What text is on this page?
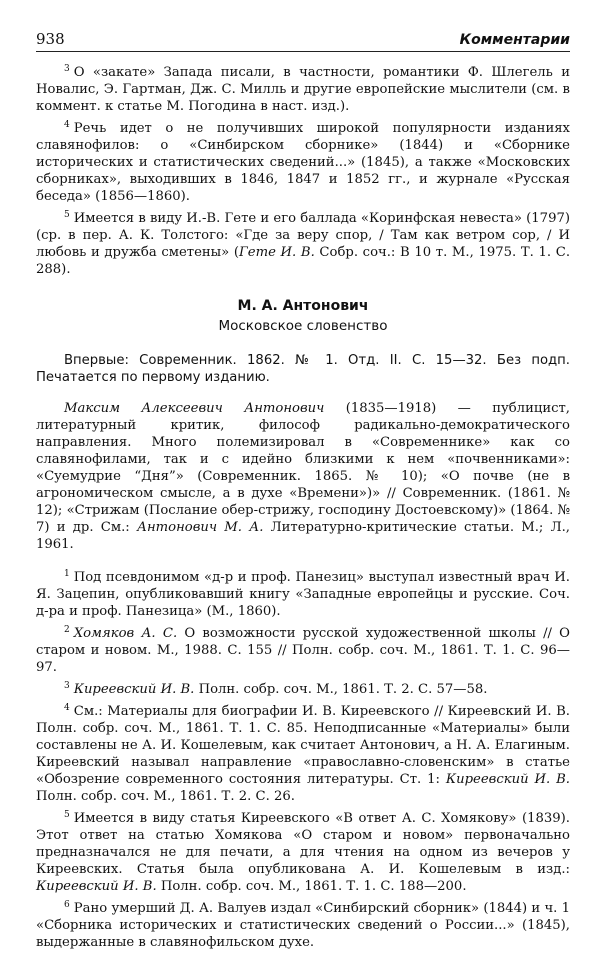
938	Комментарии

$^3$ О «закате» Запада писали, в частности, романтики Ф. Шлегель и Новалис, Э. Гартман, Дж. С. Милль и другие европейские мыслители (см. в коммент. к статье М. Погодина в наст. изд.).

$^4$ Речь идет о не получивших широкой популярности изданиях славянофилов: о «Синбирском сборнике» (1844) и «Сборнике исторических и статистических сведений...» (1845), а также «Московских сборниках», выходивших в 1846, 1847 и 1852 гг., и журнале «Русская беседа» (1856—1860).

$^5$ Имеется в виду И.-В. Гете и его баллада «Коринфская невеста» (1797) (ср. в пер. А. К. Толстого: «Где за веру спор, / Там как ветром сор, / И любовь и дружба сметены» (Гете И. В. Собр. соч.: В 10 т. М., 1975. Т. 1. С. 288).

М. А. Антонович
Московское словенство

Впервые: Современник. 1862. № 1. Отд. II. С. 15—32. Без подп. Печатается по первому изданию.

Максим Алексеевич Антонович (1835—1918) — публицист, литературный критик, философ радикально-демократического направления. Много полемизировал в «Современнике» как со славянофилами, так и с идейно близкими к нем «почвенниками»: «Суемудрие “Дня”» (Современник. 1865. № 10); «О почве (не в агрономическом смысле, а в духе «Времени»)» // Современник. (1861. № 12); «Стрижам (Послание обер-стрижу, господину Достоевскому)» (1864. № 7) и др. См.: Антонович М. А. Литературно-критические статьи. М.; Л., 1961.

$^1$ Под псевдонимом «д-р и проф. Панезиц» выступал известный врач И. Я. Зацепин, опубликовавший книгу «Западные европейцы и русские. Соч. д-ра и проф. Панезица» (М., 1860).

$^2$ Хомяков А. С. О возможности русской художественной школы // О старом и новом. М., 1988. С. 155 // Полн. собр. соч. М., 1861. Т. 1. С. 96—97.

$^3$ Киреевский И. В. Полн. собр. соч. М., 1861. Т. 2. С. 57—58.

$^4$ См.: Материалы для биографии И. В. Киреевского // Киреевский И. В. Полн. собр. соч. М., 1861. Т. 1. С. 85. Неподписанные «Материалы» были составлены не А. И. Кошелевым, как считает Антонович, а Н. А. Елагиным. Киреевский называл направление «православно-словенским» в статье «Обозрение современного состояния литературы. Ст. 1: Киреевский И. В. Полн. собр. соч. М., 1861. Т. 2. С. 26.

$^5$ Имеется в виду статья Киреевского «В ответ А. С. Хомякову» (1839). Этот ответ на статью Хомякова «О старом и новом» первоначально предназначался не для печати, а для чтения на одном из вечеров у Киреевских. Статья была опубликована А. И. Кошелевым в изд.: Киреевский И. В. Полн. собр. соч. М., 1861. Т. 1. С. 188—200.

$^6$ Рано умерший Д. А. Валуев издал «Синбирский сборник» (1844) и ч. 1 «Сборника исторических и статистических сведений о России...» (1845), выдержанные в славянофильском духе.
